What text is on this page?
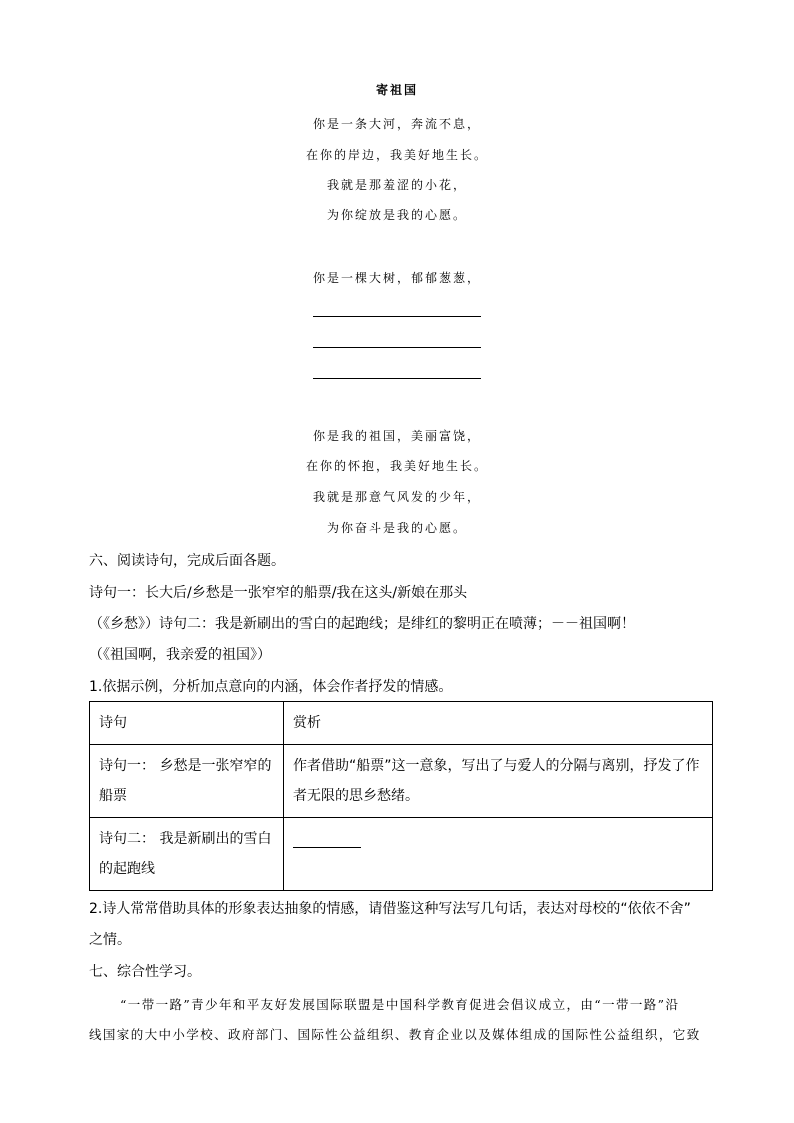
寄祖国
你是一条大河，奔流不息，
在你的岸边，我美好地生长。
我就是那羞涩的小花，
为你绽放是我的心愿。
你是一棵大树，郁郁葱葱，
你是我的祖国，美丽富饶，
在你的怀抱，我美好地生长。
我就是那意气风发的少年，
为你奋斗是我的心愿。
六、阅读诗句，完成后面各题。
诗句一：长大后/乡愁是一张窄窄的船票/我在这头/新娘在那头
（《乡愁》）诗句二：我是新刷出的雪白的起跑线；是绯红的黎明正在喷薄；－－祖国啊！
（《祖国啊，我亲爱的祖国》）
1.依据示例，分析加点意向的内涵，体会作者抒发的情感。
诗句	赏析
诗句一： 乡愁是一张窄窄的船票	作者借助“船票”这一意象，写出了与爱人的分隔与离别，抒发了作者无限的思乡愁绪。
诗句二： 我是新刷出的雪白的起跑线	
2.诗人常常借助具体的形象表达抽象的情感，请借鉴这种写法写几句话，表达对母校的“依依不舍”
之情。
七、综合性学习。
“一带一路”青少年和平友好发展国际联盟是中国科学教育促进会倡议成立，由“一带一路”沿
线国家的大中小学校、政府部门、国际性公益组织、教育企业以及媒体组成的国际性公益组织，它致
